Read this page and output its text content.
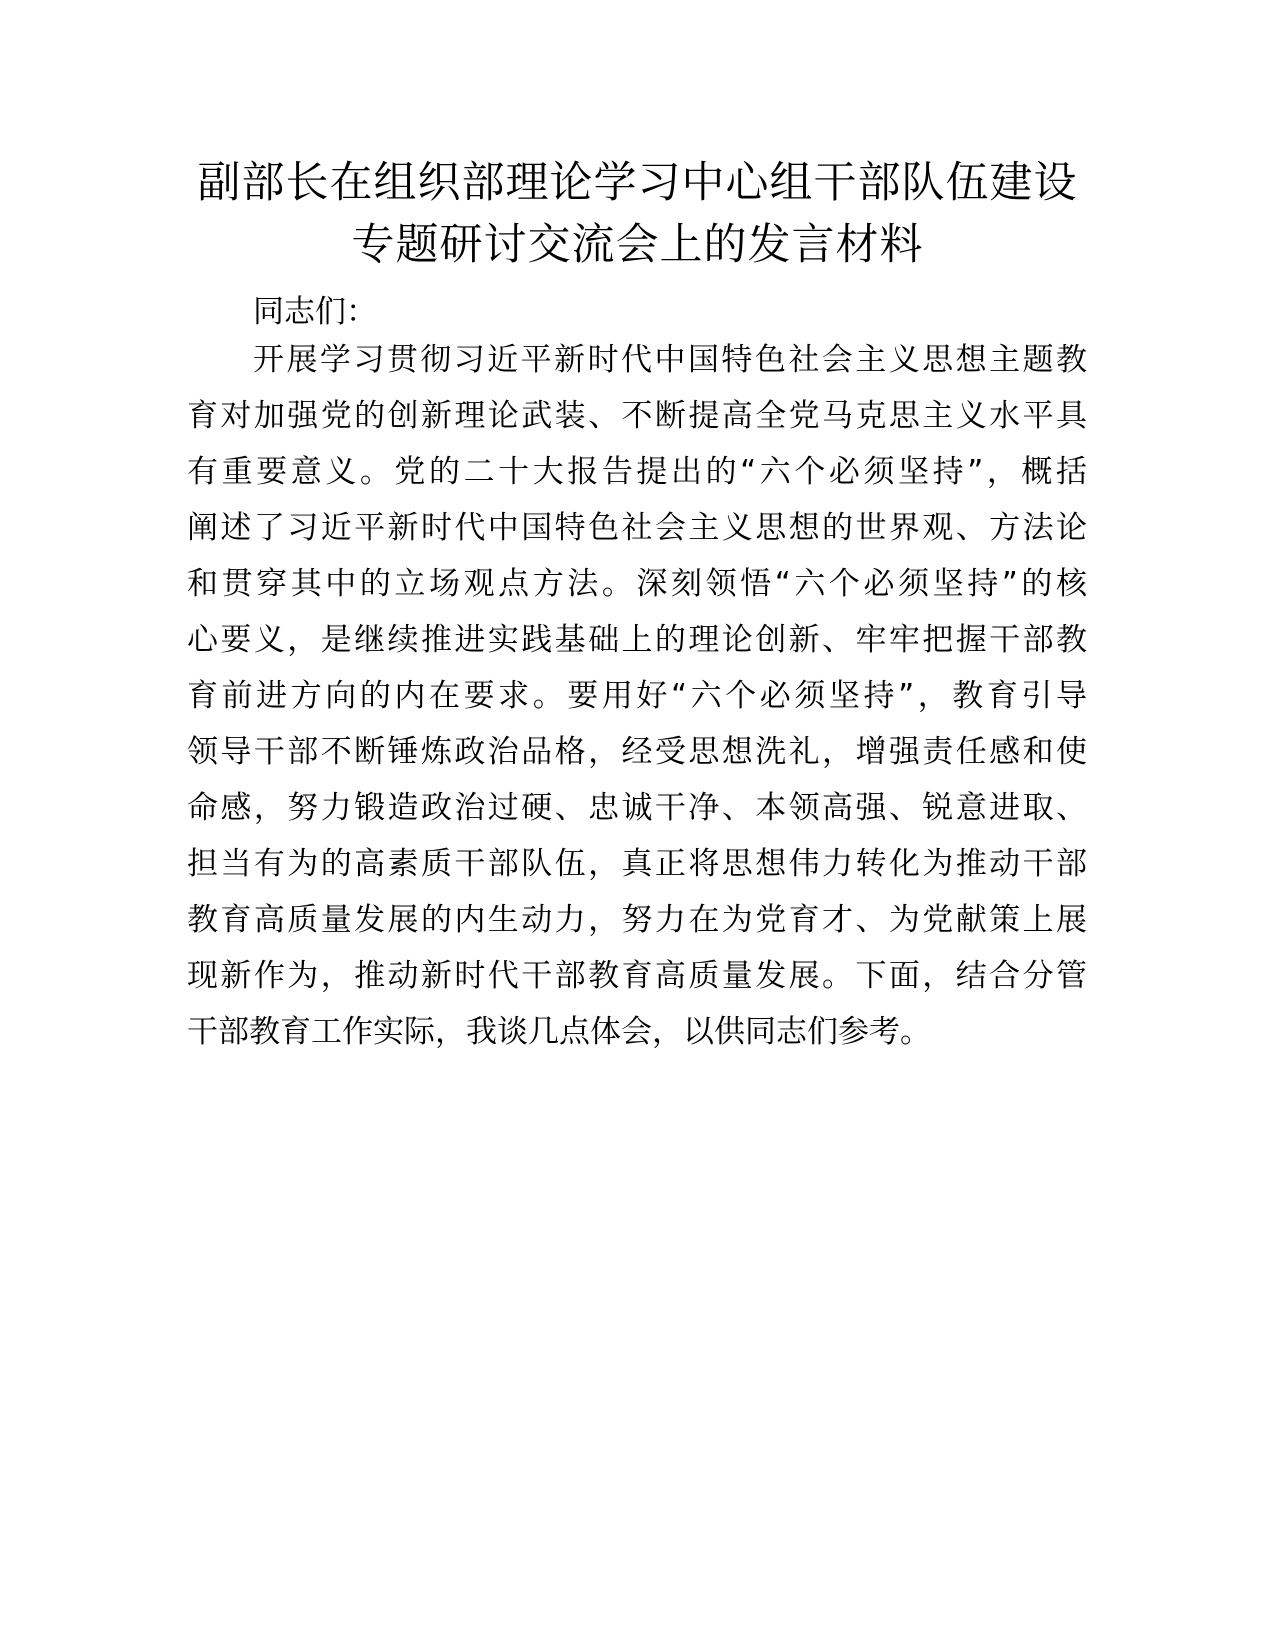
副部长在组织部理论学习中心组干部队伍建设
专题研讨交流会上的发言材料

同志们：

开展学习贯彻习近平新时代中国特色社会主义思想主题教

育对加强党的创新理论武装、不断提高全党马克思主义水平具

有重要意义。党的二十大报告提出的“六个必须坚持”，概括

阐述了习近平新时代中国特色社会主义思想的世界观、方法论

和贯穿其中的立场观点方法。深刻领悟“六个必须坚持”的核

心要义，是继续推进实践基础上的理论创新、牢牢把握干部教

育前进方向的内在要求。要用好“六个必须坚持”，教育引导

领导干部不断锤炼政治品格，经受思想洗礼，增强责任感和使

命感，努力锻造政治过硬、忠诚干净、本领高强、锐意进取、

担当有为的高素质干部队伍，真正将思想伟力转化为推动干部

教育高质量发展的内生动力，努力在为党育才、为党献策上展

现新作为，推动新时代干部教育高质量发展。下面，结合分管

干部教育工作实际，我谈几点体会，以供同志们参考。
